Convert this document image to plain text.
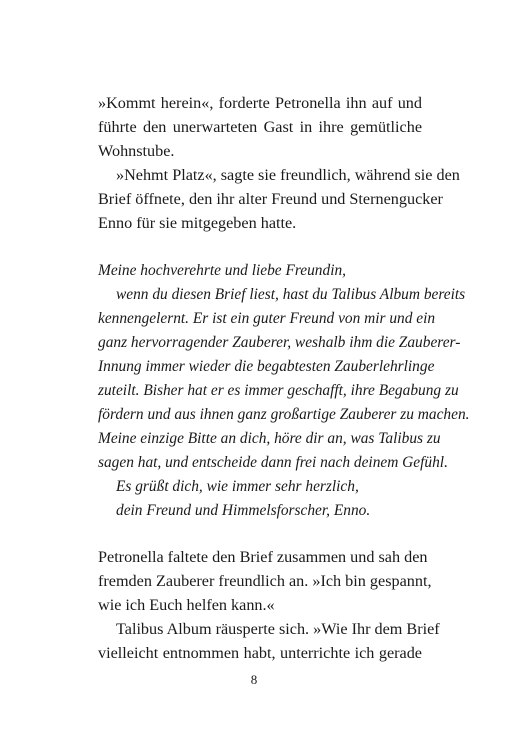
»Kommt herein«, forderte Petronella ihn auf und
führte den unerwarteten Gast in ihre gemütliche
Wohnstube.
»Nehmt Platz«, sagte sie freundlich, während sie den
Brief öffnete, den ihr alter Freund und Sternengucker
Enno für sie mitgegeben hatte.
Meine hochverehrte und liebe Freundin,
wenn du diesen Brief liest, hast du Talibus Album bereits
kennengelernt. Er ist ein guter Freund von mir und ein
ganz hervorragender Zauberer, weshalb ihm die Zauberer-
Innung immer wieder die begabtesten Zauberlehrlinge
zuteilt. Bisher hat er es immer geschafft, ihre Begabung zu
fördern und aus ihnen ganz großartige Zauberer zu machen.
Meine einzige Bitte an dich, höre dir an, was Talibus zu
sagen hat, und entscheide dann frei nach deinem Gefühl.
Es grüßt dich, wie immer sehr herzlich,
dein Freund und Himmelsforscher, Enno.
Petronella faltete den Brief zusammen und sah den
fremden Zauberer freundlich an. »Ich bin gespannt,
wie ich Euch helfen kann.«
Talibus Album räusperte sich. »Wie Ihr dem Brief
vielleicht entnommen habt, unterrichte ich gerade
8
